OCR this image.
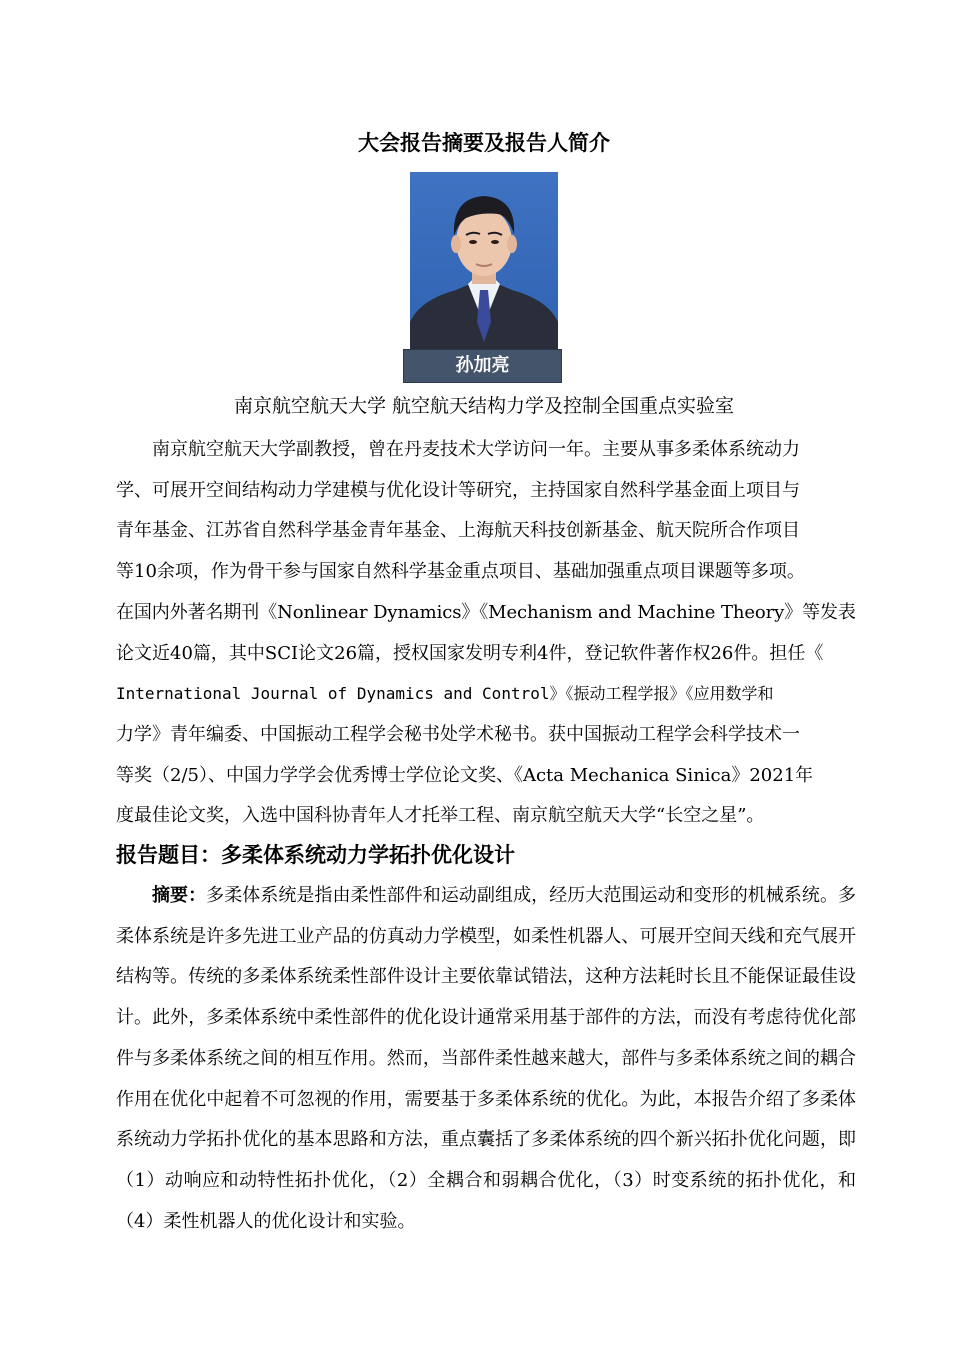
大会报告摘要及报告人简介
孙加亮

南京航空航天大学 航空航天结构力学及控制全国重点实验室

南京航空航天大学副教授，曾在丹麦技术大学访问一年。主要从事多柔体系统动力
学、可展开空间结构动力学建模与优化设计等研究，主持国家自然科学基金面上项目与
青年基金、江苏省自然科学基金青年基金、上海航天科技创新基金、航天院所合作项目
等10余项，作为骨干参与国家自然科学基金重点项目、基础加强重点项目课题等多项。
在国内外著名期刊《Nonlinear Dynamics》《Mechanism and Machine Theory》等发表
论文近40篇，其中SCI论文26篇，授权国家发明专利4件，登记软件著作权26件。担任《
International Journal of Dynamics and Control》《振动工程学报》《应用数学和
力学》青年编委、中国振动工程学会秘书处学术秘书。获中国振动工程学会科学技术一
等奖（2/5）、中国力学学会优秀博士学位论文奖、《Acta Mechanica Sinica》2021年
度最佳论文奖，入选中国科协青年人才托举工程、南京航空航天大学“长空之星”。
报告题目：多柔体系统动力学拓扑优化设计

摘要：多柔体系统是指由柔性部件和运动副组成，经历大范围运动和变形的机械系统。多柔体系统是许多先进工业产品的仿真动力学模型，如柔性机器人、可展开空间天线和充气展开结构等。传统的多柔体系统柔性部件设计主要依靠试错法，这种方法耗时长且不能保证最佳设计。此外，多柔体系统中柔性部件的优化设计通常采用基于部件的方法，而没有考虑待优化部件与多柔体系统之间的相互作用。然而，当部件柔性越来越大，部件与多柔体系统之间的耦合作用在优化中起着不可忽视的作用，需要基于多柔体系统的优化。为此，本报告介绍了多柔体系统动力学拓扑优化的基本思路和方法，重点囊括了多柔体系统的四个新兴拓扑优化问题，即（1）动响应和动特性拓扑优化，（2）全耦合和弱耦合优化，（3）时变系统的拓扑优化，和（4）柔性机器人的优化设计和实验。
